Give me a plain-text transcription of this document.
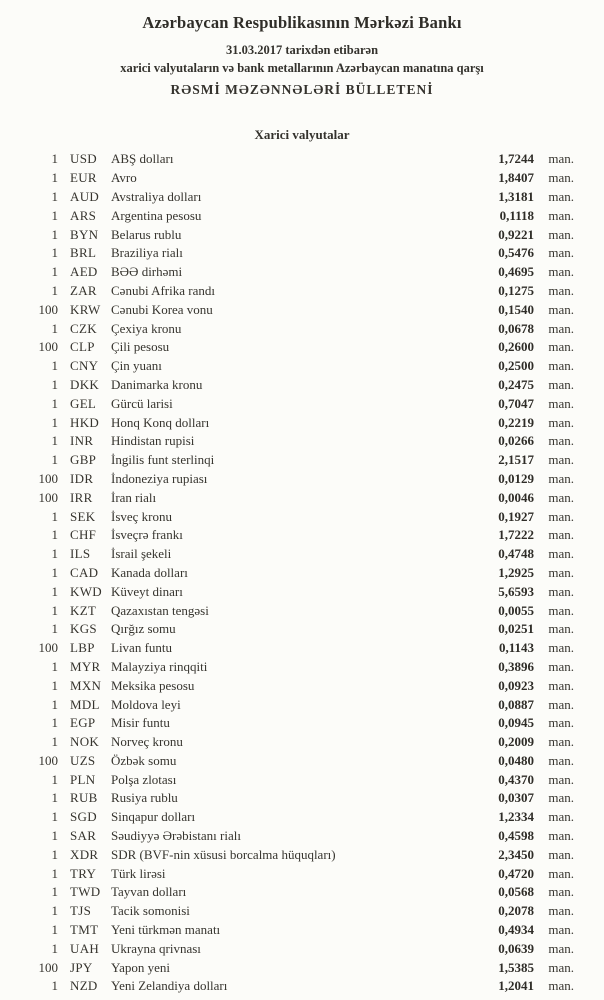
Azərbaycan Respublikasının Mərkəzi Bankı
31.03.2017 tarixdən etibarən
xarici valyutaların və bank metallarının Azərbaycan manatına qarşı
RƏSMİ MƏZƏNNƏLƏRİ BÜLLETENİ
Xarici valyutalar
1 USD	ABŞ dolları	1,7244	man.
1 EUR	Avro	1,8407	man.
1 AUD Avstraliya dolları	1,3181	man.
1 ARS	Argentina pesosu	0,1118	man.
1 BYN Belarus rublu	0,9221	man.
1 BRL	Braziliya rialı	0,5476	man.
1 AED	BƏƏ dirhəmi	0,4695	man.
1 ZAR	Cənubi Afrika randı	0,1275	man.
100 KRW Cənubi Korea vonu	0,1540	man.
1 CZK	Çexiya kronu	0,0678	man.
100 CLP	Çili pesosu	0,2600	man.
1 CNY Çin yuanı	0,2500	man.
1 DKK Danimarka kronu	0,2475	man.
1 GEL	Gürcü larisi	0,7047	man.
1 HKD Honq Konq dolları	0,2219	man.
1 INR	Hindistan rupisi	0,0266	man.
1 GBP	İngilis funt sterlinqi	2,1517	man.
100 IDR	İndoneziya rupiası	0,0129	man.
100 IRR	İran rialı	0,0046	man.
1 SEK	İsveç kronu	0,1927	man.
1 CHF	İsveçrə frankı	1,7222	man.
1 ILS	İsrail şekeli	0,4748	man.
1 CAD Kanada dolları	1,2925	man.
1 KWD Küveyt dinarı	5,6593	man.
1 KZT	Qazaxıstan tengəsi	0,0055	man.
1 KGS	Qırğız somu	0,0251	man.
100 LBP	Livan funtu	0,1143	man.
1 MYR Malayziya rinqqiti	0,3896	man.
1 MXN Meksika pesosu	0,0923	man.
1 MDL Moldova leyi	0,0887	man.
1 EGP	Misir funtu	0,0945	man.
1 NOK Norveç kronu	0,2009	man.
100 UZS	Özbək somu	0,0480	man.
1 PLN	Polşa zlotası	0,4370	man.
1 RUB	Rusiya rublu	0,0307	man.
1 SGD	Sinqapur dolları	1,2334	man.
1 SAR	Səudiyyə Ərəbistanı rialı	0,4598	man.
1 XDR SDR (BVF-nin xüsusi borcalma hüquqları)	2,3450	man.
1 TRY	Türk lirəsi	0,4720	man.
1 TWD Tayvan dolları	0,0568	man.
1 TJS	Tacik somonisi	0,2078	man.
1 TMT Yeni türkmən manatı	0,4934	man.
1 UAH Ukrayna qrivnası	0,0639	man.
100 JPY	Yapon yeni	1,5385	man.
1 NZD	Yeni Zelandiya dolları	1,2041	man.
